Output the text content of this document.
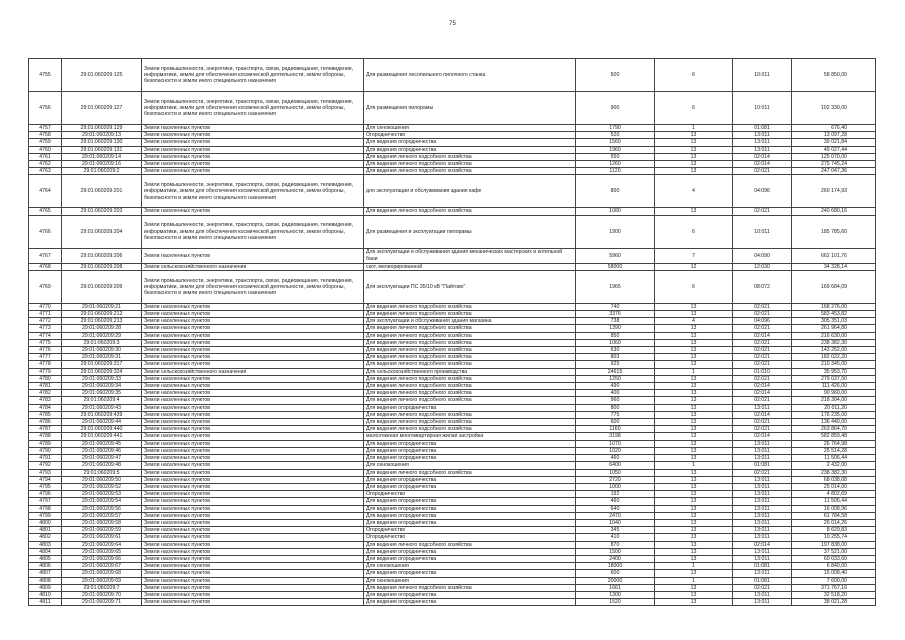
75
4755	29:01:060209:125	Земли промышленности, энергетики, транспорта, связи, радиовещания, телевидения, информатики, земли для обеспечения космической деятельности, земли обороны, безопасности и земли иного специального назначения	Для размещения лесопильного пилочного станка	500	6	10:011	58 850,00
4756	29:01:060209:127	Земли промышленности, энергетики, транспорта, связи, радиовещания, телевидения, информатики, земли для обеспечения космической деятельности, земли обороны, безопасности и земли иного специального назначения	Для размещения пилорамы	900	6	10:011	102 330,00
4757	29:01:060209:129	Земли населенных пунктов	Для сенокошения	1790	1	01:081	676,40
4758	29:01:060209:13	Земли населенных пунктов	Огородничество	520	13	13:011	13 097,28
4759	29:01:060209:130	Земли населенных пунктов	Для ведения огородничества	1560	13	13:011	39 021,84
4760	29:01:060209:131	Земли населенных пунктов	Для ведения огородничества	1960	13	13:011	49 027,44
4761	29:01:060209:14	Земли населенных пунктов	Для ведения личного подсобного хозяйства	550	13	02:014	125 070,00
4762	29:01:060209:16	Земли населенных пунктов	Для ведения личного подсобного хозяйства	1260	13	02:014	275 745,24
4763	29:01:060209:2	Земли населенных пунктов	Для ведения личного подсобного хозяйства	1120	13	02:021	247 047,36
4764	29:01:060209:201	Земли промышленности, энергетики, транспорта, связи, радиовещания, телевидения, информатики, земли для обеспечения космической деятельности, земли обороны, безопасности и земли иного специального назначения	для эксплуатации и обслуживания здания кафе	800	4	04:096	260 174,93
4765	29:01:060209:203	Земли населенных пунктов	Для ведения личного подсобного хозяйства	1080	13	02:021	240 680,16
4766	29:01:060209:204	Земли промышленности, энергетики, транспорта, связи, радиовещания, телевидения, информатики, земли для обеспечения космической деятельности, земли обороны, безопасности и земли иного специального назначения	Для размещения и эксплуатации пилорамы	1900	6	10:011	185 785,60
4767	29:01:060209:206	Земли населенных пунктов	Для эксплуатации и обслуживания здания механических мастерских и котельной бани	5960	7	04:090	662 101,76
4768	29:01:060209:208	Земли сельскохозяйственного назначения	скот, мелиорированной	58000	12	12:030	34 328,14
4769	29:01:060209:209	Земли промышленности, энергетики, транспорта, связи, радиовещания, телевидения, информатики, земли для обеспечения космической деятельности, земли обороны, безопасности и земли иного специального назначения	Для эксплуатации ПС 35/10 кВ "Пайтово"	1965	6	08:072	169 684,09
4770	29:01:060209:21	Земли населенных пунктов	Для ведения личного подсобного хозяйства	740	13	02:021	168 276,00
4771	29:01:060209:212	Земли населенных пунктов	Для ведения личного подсобного хозяйства	3376	13	02:021	583 453,82
4772	29:01:060209:213	Земли населенных пунктов	Для эксплуатации и обслуживания здания магазина	738	4	04:096	305 351,03
4773	29:01:060209:28	Земли населенных пунктов	Для ведения личного подсобного хозяйства	1390	13	02:021	261 964,80
4774	29:01:060209:29	Земли населенных пунктов	Для ведения личного подсобного хозяйства	850	13	02:014	216 630,00
4775	29:01:060209:3	Земли населенных пунктов	Для ведения личного подсобного хозяйства	1060	13	02:021	238 382,30
4776	29:01:060209:30	Земли населенных пунктов	Для ведения личного подсобного хозяйства	630	13	02:021	143 252,00
4777	29:01:060209:31	Земли населенных пунктов	Для ведения личного подсобного хозяйства	803	13	02:021	182 022,20
4778	29:01:060209:317	Земли населенных пунктов	Для ведения личного подсобного хозяйства	925	13	02:021	210 345,00
4779	29:01:060209:324	Земли сельскохозяйственного назначения	Для сельскохозяйственного производства	24615	1	01:010	35 953,70
4780	29:01:060209:33	Земли населенных пунктов	Для ведения личного подсобного хозяйства	1250	13	02:021	279 037,50
4781	29:01:060209:34	Земли населенных пунктов	Для ведения личного подсобного хозяйства	490	13	02:014	111 426,00
4782	29:01:060209:35	Земли населенных пунктов	Для ведения личного подсобного хозяйства	400	13	02:014	90 960,00
4783	29:01:060209:4	Земли населенных пунктов	Для ведения личного подсобного хозяйства	960	13	02:021	218 304,00
4784	29:01:060209:43	Земли населенных пунктов	Для ведения огородничества	800	13	13:011	20 011,20
4785	29:01:060209:439	Земли населенных пунктов	Для ведения личного подсобного хозяйства	775	13	02:014	176 235,00
4786	29:01:060209:44	Земли населенных пунктов	Для ведения личного подсобного хозяйства	600	13	02:021	136 440,00
4787	29:01:060209:440	Земли населенных пунктов	Для ведения личного подсобного хозяйства	1160	13	02:021	263 864,70
4788	29:01:060209:441	Земли населенных пунктов	малоэтажная многоквартирная жилая застройка	3198	13	02:014	582 859,48
4789	29:01:060209:45	Земли населенных пунктов	Для ведения огородничества	1070	13	13:011	26 764,98
4790	29:01:060209:46	Земли населенных пунктов	Для ведения огородничества	1020	13	13:011	25 514,28
4791	29:01:060209:47	Земли населенных пунктов	Для ведения огородничества	460	13	13:011	11 506,44
4792	29:01:060209:48	Земли населенных пунктов	Для сенокошения	6400	1	01:081	2 432,00
4793	29:01:060209:5	Земли населенных пунктов	Для ведения личного подсобного хозяйства	1050	13	02:021	238 382,30
4794	29:01:060209:50	Земли населенных пунктов	Для ведения огородничества	2720	13	13:011	68 038,08
4795	29:01:060209:52	Земли населенных пунктов	Для ведения огородничества	1000	13	13:011	25 014,00
4796	29:01:060209:53	Земли населенных пунктов	Огородничество	192	13	13:011	4 802,69
4797	29:01:060209:54	Земли населенных пунктов	Для ведения огородничества	460	13	13:011	11 506,44
4798	29:01:060209:56	Земли населенных пунктов	Для ведения огородничества	640	13	13:011	16 008,96
4799	29:01:060209:57	Земли населенных пунктов	Для ведения огородничества	2470	13	13:011	61 784,58
4800	29:01:060209:58	Земли населенных пунктов	Для ведения огородничества	1040	13	13:011	26 014,26
4801	29:01:060209:59	Земли населенных пунктов	Огородничество	345	13	13:011	8 629,83
4802	29:01:060209:61	Земли населенных пунктов	Огородничество	410	13	13:011	10 255,74
4803	29:01:060209:64	Земли населенных пунктов	Для ведения личного подсобного хозяйства	870	13	02:014	197 838,00
4804	29:01:060209:65	Земли населенных пунктов	Для ведения огородничества	1500	13	13:011	37 521,00
4805	29:01:060209:66	Земли населенных пунктов	Для ведения огородничества	2400	13	13:011	60 033,60
4806	29:01:060209:67	Земли населенных пунктов	Для сенокошения	18000	1	01:081	6 840,00
4807	29:01:060209:68	Земли населенных пунктов	Для ведения огородничества	600	13	13:011	15 008,40
4808	29:01:060209:69	Земли населенных пунктов	Для сенокошения	20000	1	01:081	7 600,00
4809	29:01:060209:7	Земли населенных пунктов	Для ведения личного подсобного хозяйства	1661	13	02:021	371 767,16
4810	29:01:060209:70	Земли населенных пунктов	Для ведения огородничества	1300	13	13:011	32 518,20
4811	29:01:060209:71	Земли населенных пунктов	Для ведения огородничества	1520	13	13:011	38 021,28
